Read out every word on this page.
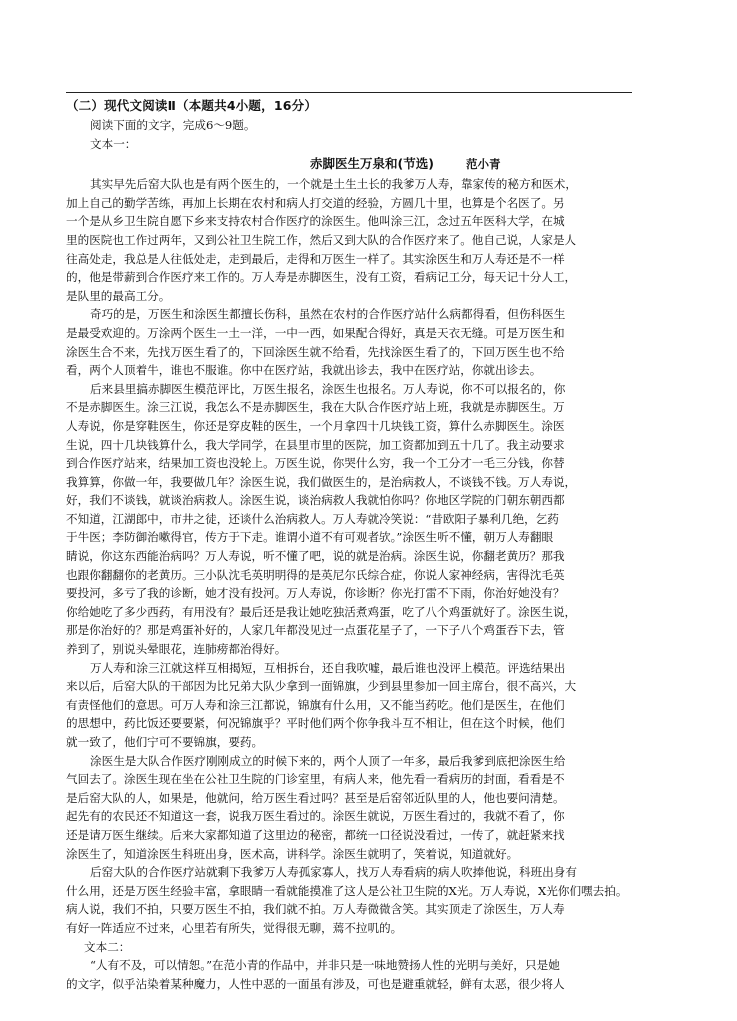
（二）现代文阅读Ⅱ（本题共4小题，16分）
阅读下面的文字，完成6～9题。
文本一：
赤脚医生万泉和(节选)	范小青

其实早先后窑大队也是有两个医生的，一个就是土生土长的我爹万人寿，靠家传的秘方和医术，
加上自己的勤学苦练，再加上长期在农村和病人打交道的经验，方圆几十里，也算是个名医了。另
一个是从乡卫生院自愿下乡来支持农村合作医疗的涂医生。他叫涂三江，念过五年医科大学，在城
里的医院也工作过两年，又到公社卫生院工作，然后又到大队的合作医疗来了。他自己说，人家是人
往高处走，我总是人往低处走，走到最后，走得和万医生一样了。其实涂医生和万人寿还是不一样
的，他是带薪到合作医疗来工作的。万人寿是赤脚医生，没有工资，看病记工分，每天记十分人工，
是队里的最高工分。

奇巧的是，万医生和涂医生都擅长伤科，虽然在农村的合作医疗站什么病都得看，但伤科医生
是最受欢迎的。万涂两个医生一土一洋，一中一西，如果配合得好，真是天衣无缝。可是万医生和
涂医生合不来，先找万医生看了的，下回涂医生就不给看，先找涂医生看了的，下回万医生也不给
看，两个人顶着牛，谁也不服谁。你中在医疗站，我就出诊去，我中在医疗站，你就出诊去。

后来县里搞赤脚医生模范评比，万医生报名，涂医生也报名。万人寿说，你不可以报名的，你
不是赤脚医生。涂三江说，我怎么不是赤脚医生，我在大队合作医疗站上班，我就是赤脚医生。万
人寿说，你是穿鞋医生，你还是穿皮鞋的医生，一个月拿四十几块钱工资，算什么赤脚医生。涂医
生说，四十几块钱算什么，我大学同学，在县里市里的医院，加工资都加到五十几了。我主动要求
到合作医疗站来，结果加工资也没轮上。万医生说，你哭什么穷，我一个工分才一毛三分钱，你替
我算算，你做一年，我要做几年？涂医生说，我们做医生的，是治病救人，不谈钱不钱。万人寿说，
好，我们不谈钱，就谈治病救人。涂医生说，谈治病救人我就怕你吗？你地区学院的门朝东朝西都
不知道，江湖郎中，市井之徒，还谈什么治病救人。万人寿就冷笑说：“昔欧阳子暴利几绝，乞药
于牛医；李防御治嗽得官，传方于下走。谁谓小道不有可观者欤。”涂医生听不懂，朝万人寿翻眼
睛说，你这东西能治病吗？万人寿说，听不懂了吧，说的就是治病。涂医生说，你翻老黄历？那我
也跟你翻翻你的老黄历。三小队沈毛英明明得的是英尼尔氏综合症，你说人家神经病，害得沈毛英
要投河，多亏了我的诊断，她才没有投河。万人寿说，你诊断？你光打雷不下雨，你治好她没有？
你给她吃了多少西药，有用没有？最后还是我让她吃独活煮鸡蛋，吃了八个鸡蛋就好了。涂医生说，
那是你治好的？那是鸡蛋补好的，人家几年都没见过一点蛋花星子了，一下子八个鸡蛋吞下去，管
养到了，别说头晕眼花，连肺痨都治得好。

万人寿和涂三江就这样互相揭短，互相拆台，还自我吹嘘，最后谁也没评上模范。评选结果出
来以后，后窑大队的干部因为比兄弟大队少拿到一面锦旗，少到县里参加一回主席台，很不高兴，大
有责怪他们的意思。可万人寿和涂三江都说，锦旗有什么用，又不能当药吃。他们是医生，在他们
的思想中，药比饭还要要紧，何况锦旗乎？平时他们两个你争我斗互不相让，但在这个时候，他们
就一致了，他们宁可不要锦旗，要药。

涂医生是大队合作医疗刚刚成立的时候下来的，两个人顶了一年多，最后我爹到底把涂医生给
气回去了。涂医生现在坐在公社卫生院的门诊室里，有病人来，他先看一看病历的封面，看看是不
是后窑大队的人，如果是，他就问，给万医生看过吗？甚至是后窑邻近队里的人，他也要问清楚。
起先有的农民还不知道这一套，说我万医生看过的。涂医生就说，万医生看过的，我就不看了，你
还是请万医生继续。后来大家都知道了这里边的秘密，都统一口径说没看过，一传了，就赶紧来找
涂医生了，知道涂医生科班出身，医术高，讲科学。涂医生就明了，笑着说，知道就好。

后窑大队的合作医疗站就剩下我爹万人寿孤家寡人，找万人寿看病的病人吹捧他说，科班出身有
什么用，还是万医生经验丰富，拿眼睛一看就能摸准了这人是公社卫生院的X光。万人寿说，X光你们嘿去拍。
病人说，我们不拍，只要万医生不拍，我们就不拍。万人寿微微含笑。其实顶走了涂医生，万人寿
有好一阵适应不过来，心里若有所失，觉得很无聊，蔫不拉叽的。

文本二：
“人有不及，可以情恕。”在范小青的作品中，并非只是一味地赞扬人性的光明与美好，只是她
的文字，似乎沾染着某种魔力，人性中恶的一面虽有涉及，可也是避重就轻，鲜有太恶，很少将人
